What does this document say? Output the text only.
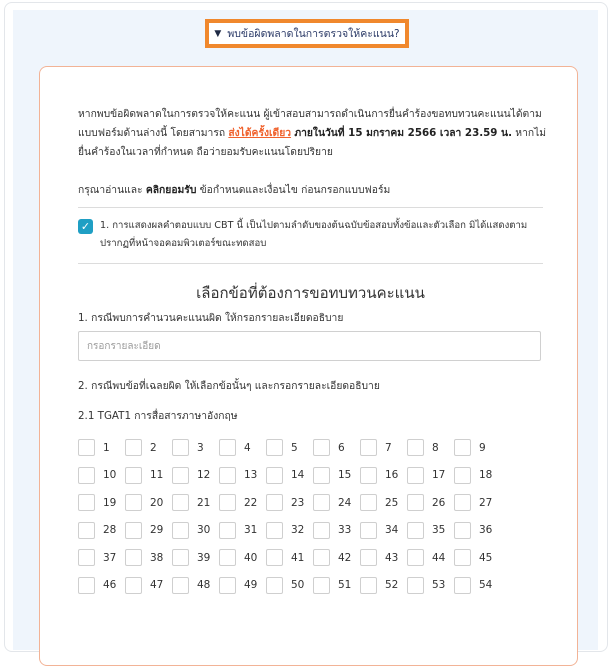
▼ พบข้อผิดพลาดในการตรวจให้คะแนน?

หากพบข้อผิดพลาดในการตรวจให้คะแนน ผู้เข้าสอบสามารถดำเนินการยื่นคำร้องขอทบทวนคะแนนได้ตามแบบฟอร์มด้านล่างนี้ โดยสามารถ ส่งได้ครั้งเดียว ภายในวันที่ 15 มกราคม 2566 เวลา 23.59 น. หากไม่ยื่นคำร้องในเวลาที่กำหนด ถือว่ายอมรับคะแนนโดยปริยาย

กรุณาอ่านและ คลิกยอมรับ ข้อกำหนดและเงื่อนไข ก่อนกรอกแบบฟอร์ม

✓ 1. การแสดงผลคำตอบแบบ CBT นี้ เป็นไปตามลำดับของต้นฉบับข้อสอบทั้งข้อและตัวเลือก มิได้แสดงตามปรากฏที่หน้าจอคอมพิวเตอร์ขณะทดสอบ
เลือกข้อที่ต้องการขอทบทวนคะแนน
1. กรณีพบการคำนวนคะแนนผิด ให้กรอกรายละเอียดอธิบาย
กรอกรายละเอียด
2. กรณีพบข้อที่เฉลยผิด ให้เลือกข้อนั้นๆ และกรอกรายละเอียดอธิบาย
2.1 TGAT1 การสื่อสารภาษาอังกฤษ
1	2	3	4	5	6	7	8	9
10	11	12	13	14	15	16	17	18
19	20	21	22	23	24	25	26	27
28	29	30	31	32	33	34	35	36
37	38	39	40	41	42	43	44	45
46	47	48	49	50	51	52	53	54
